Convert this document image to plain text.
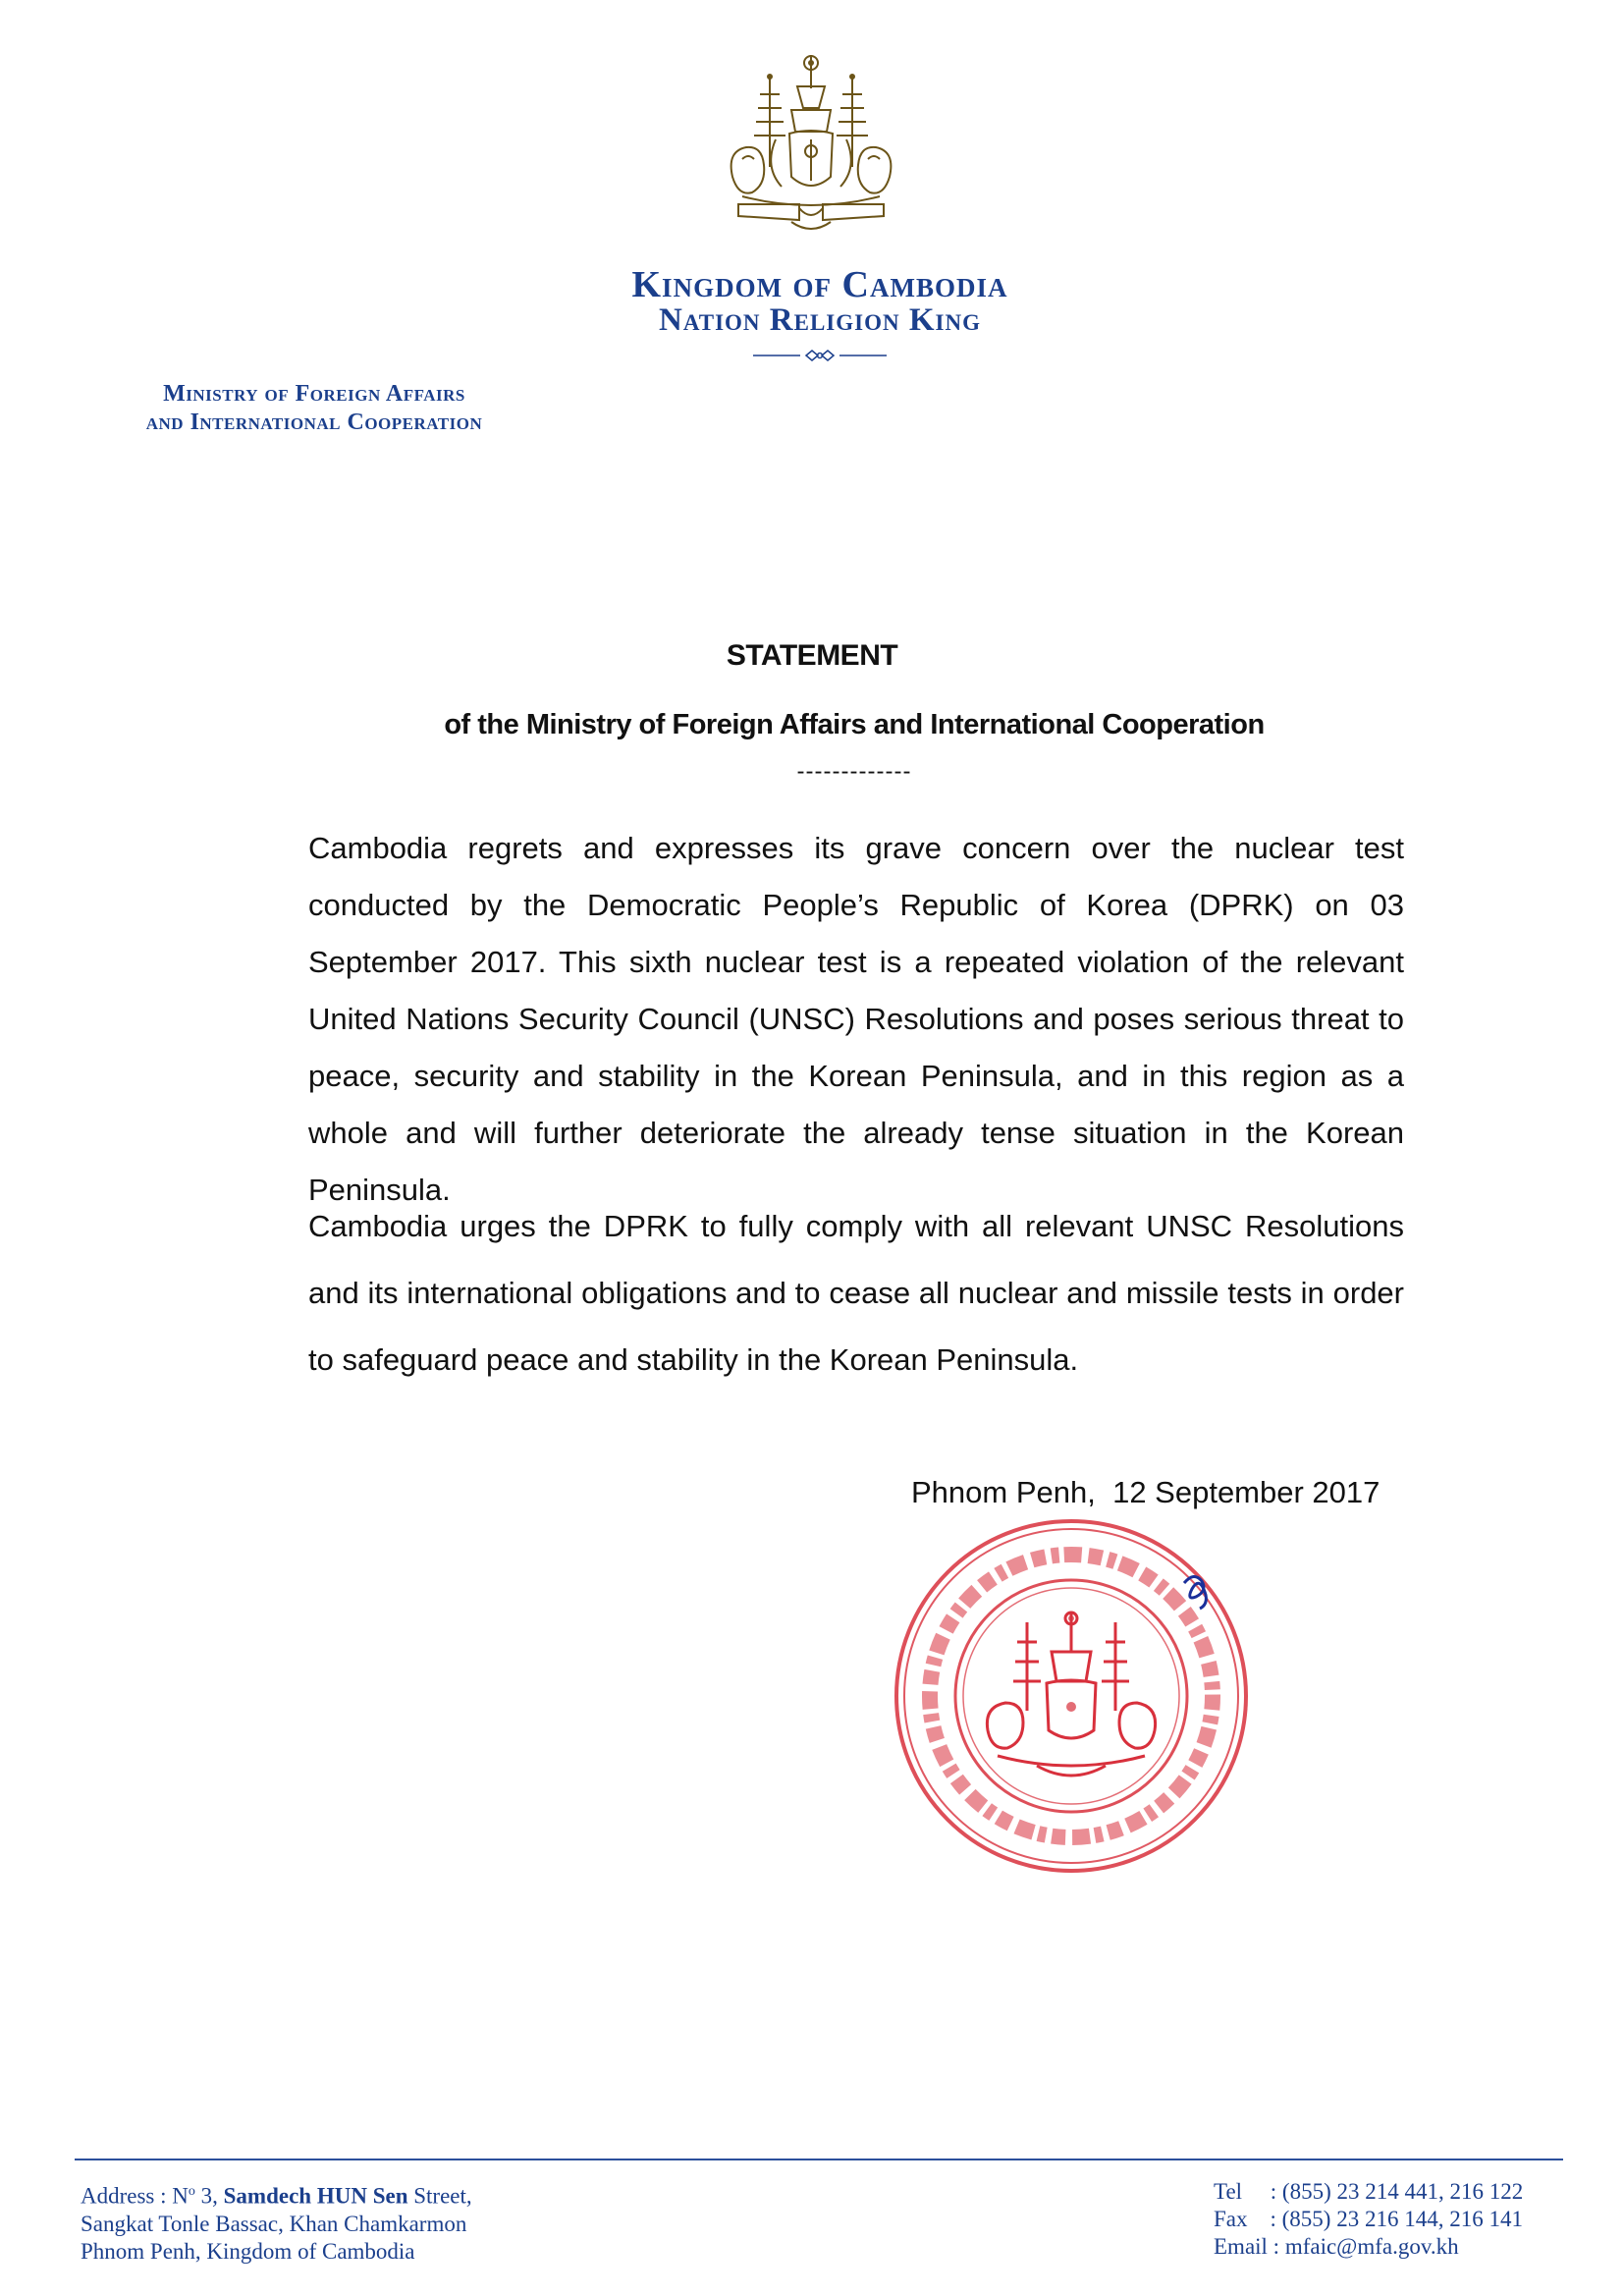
Kingdom of Cambodia
Nation Religion King
Ministry of Foreign Affairs
and International Cooperation
STATEMENT
of the Ministry of Foreign Affairs and International Cooperation
-------------

Cambodia regrets and expresses its grave concern over the nuclear test conducted by the Democratic People’s Republic of Korea (DPRK) on 03 September 2017. This sixth nuclear test is a repeated violation of the relevant United Nations Security Council (UNSC) Resolutions and poses serious threat to peace, security and stability in the Korean Peninsula, and in this region as a whole and will further deteriorate the already tense situation in the Korean Peninsula.

Cambodia urges the DPRK to fully comply with all relevant UNSC Resolutions and its international obligations and to cease all nuclear and missile tests in order to safeguard peace and stability in the Korean Peninsula.

Phnom Penh,  12 September 2017
Address : $N^o$ 3, Samdech HUN Sen Street,
Sangkat Tonle Bassac, Khan Chamkarmon
Phnom Penh, Kingdom of Cambodia
Tel     : (855) 23 214 441, 216 122
Fax    : (855) 23 216 144, 216 141
Email : mfaic@mfa.gov.kh
